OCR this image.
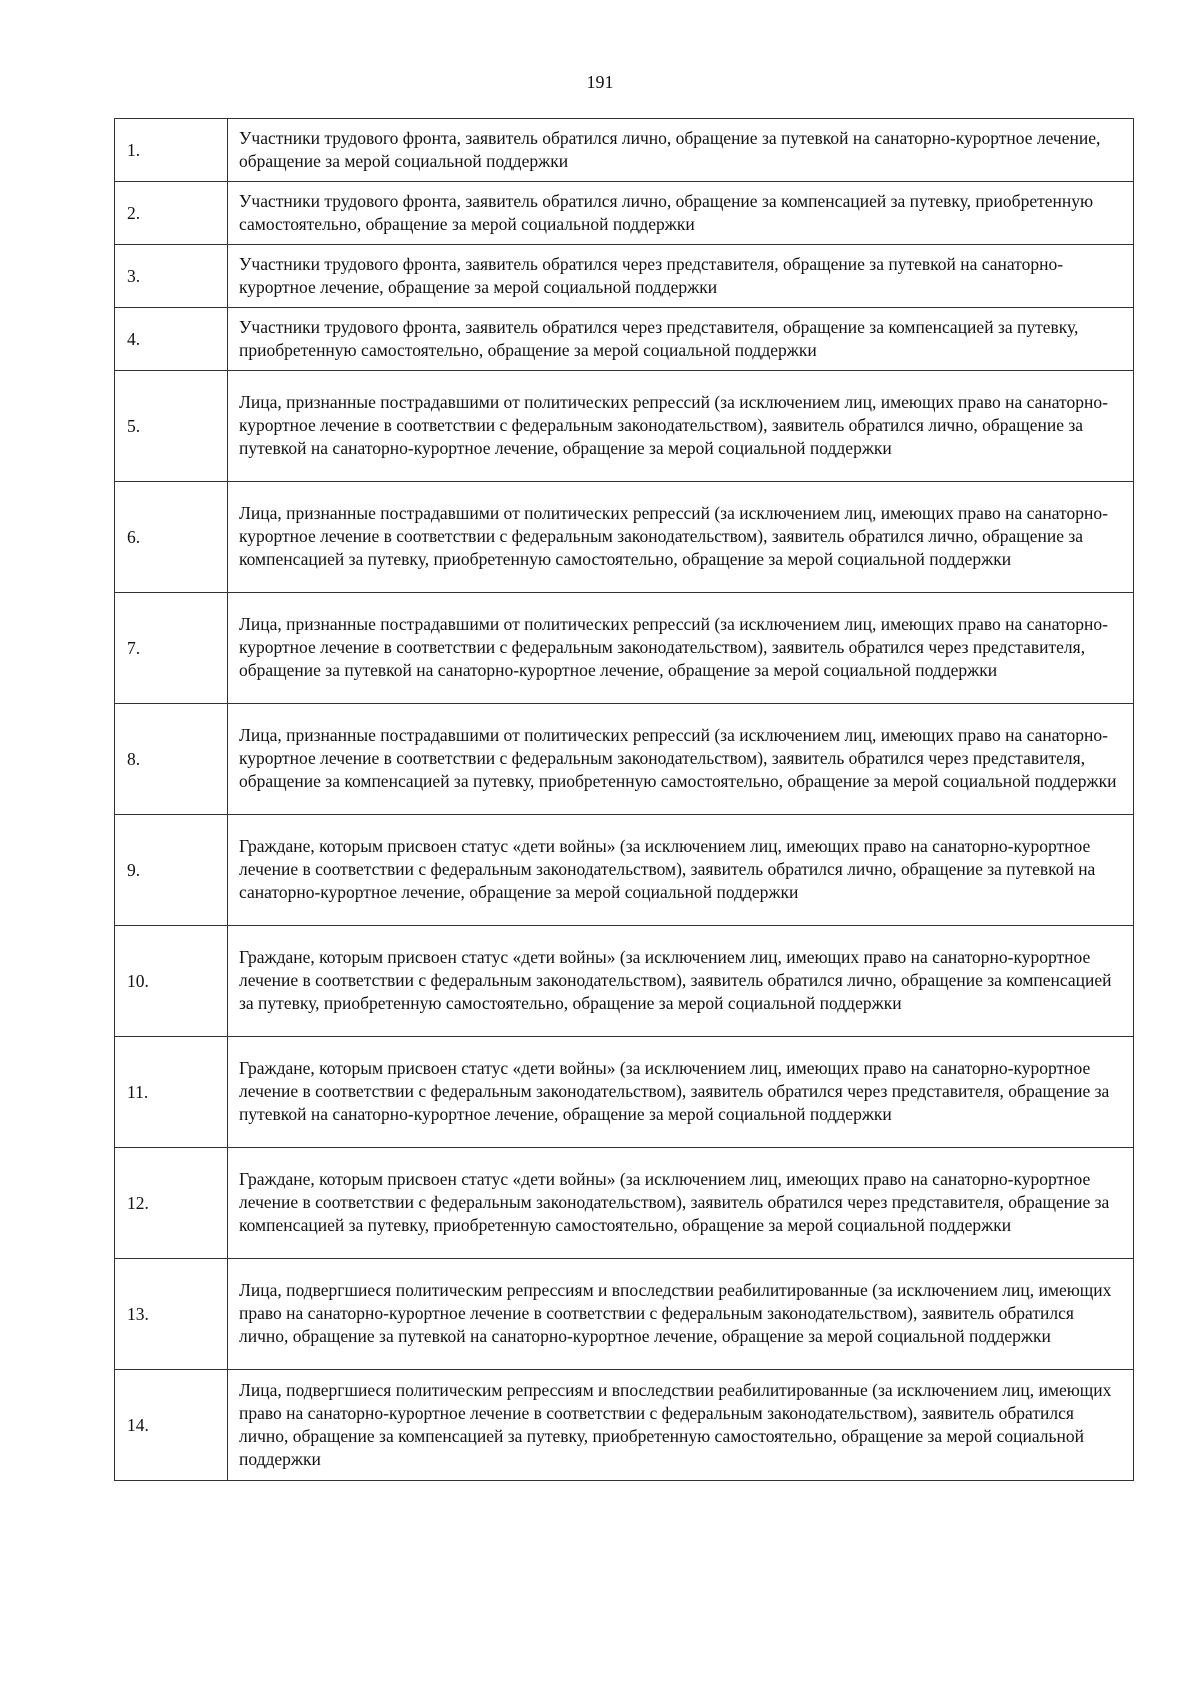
191
1.	Участники трудового фронта, заявитель обратился лично, обращение за путевкой на санаторно-курортное лечение, обращение за мерой социальной поддержки
2.	Участники трудового фронта, заявитель обратился лично, обращение за компенсацией за путевку, приобретенную самостоятельно, обращение за мерой социальной поддержки
3.	Участники трудового фронта, заявитель обратился через представителя, обращение за путевкой на санаторно-курортное лечение, обращение за мерой социальной поддержки
4.	Участники трудового фронта, заявитель обратился через представителя, обращение за компенсацией за путевку, приобретенную самостоятельно, обращение за мерой социальной поддержки
5.	Лица, признанные пострадавшими от политических репрессий (за исключением лиц, имеющих право на санаторно-курортное лечение в соответствии с федеральным законодательством), заявитель обратился лично, обращение за путевкой на санаторно-курортное лечение, обращение за мерой социальной поддержки
6.	Лица, признанные пострадавшими от политических репрессий (за исключением лиц, имеющих право на санаторно-курортное лечение в соответствии с федеральным законодательством), заявитель обратился лично, обращение за компенсацией за путевку, приобретенную самостоятельно, обращение за мерой социальной поддержки
7.	Лица, признанные пострадавшими от политических репрессий (за исключением лиц, имеющих право на санаторно-курортное лечение в соответствии с федеральным законодательством), заявитель обратился через представителя, обращение за путевкой на санаторно-курортное лечение, обращение за мерой социальной поддержки
8.	Лица, признанные пострадавшими от политических репрессий (за исключением лиц, имеющих право на санаторно-курортное лечение в соответствии с федеральным законодательством), заявитель обратился через представителя, обращение за компенсацией за путевку, приобретенную самостоятельно, обращение за мерой социальной поддержки
9.	Граждане, которым присвоен статус «дети войны» (за исключением лиц, имеющих право на санаторно-курортное лечение в соответствии с федеральным законодательством), заявитель обратился лично, обращение за путевкой на санаторно-курортное лечение, обращение за мерой социальной поддержки
10.	Граждане, которым присвоен статус «дети войны» (за исключением лиц, имеющих право на санаторно-курортное лечение в соответствии с федеральным законодательством), заявитель обратился лично, обращение за компенсацией за путевку, приобретенную самостоятельно, обращение за мерой социальной поддержки
11.	Граждане, которым присвоен статус «дети войны» (за исключением лиц, имеющих право на санаторно-курортное лечение в соответствии с федеральным законодательством), заявитель обратился через представителя, обращение за путевкой на санаторно-курортное лечение, обращение за мерой социальной поддержки
12.	Граждане, которым присвоен статус «дети войны» (за исключением лиц, имеющих право на санаторно-курортное лечение в соответствии с федеральным законодательством), заявитель обратился через представителя, обращение за компенсацией за путевку, приобретенную самостоятельно, обращение за мерой социальной поддержки
13.	Лица, подвергшиеся политическим репрессиям и впоследствии реабилитированные (за исключением лиц, имеющих право на санаторно-курортное лечение в соответствии с федеральным законодательством), заявитель обратился лично, обращение за путевкой на санаторно-курортное лечение, обращение за мерой социальной поддержки
14.	Лица, подвергшиеся политическим репрессиям и впоследствии реабилитированные (за исключением лиц, имеющих право на санаторно-курортное лечение в соответствии с федеральным законодательством), заявитель обратился лично, обращение за компенсацией за путевку, приобретенную самостоятельно, обращение за мерой социальной поддержки
